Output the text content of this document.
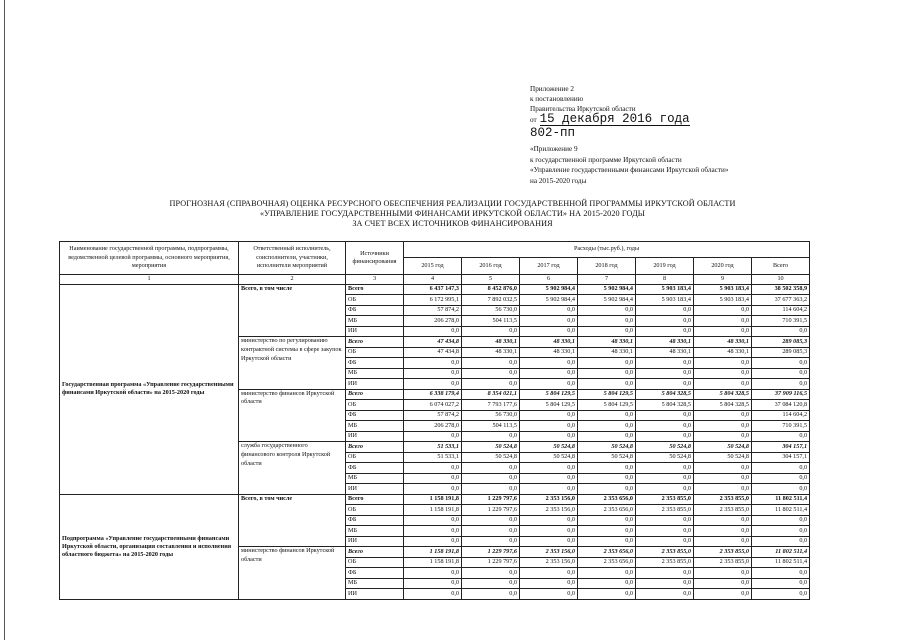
Приложение 2
к постановлению
Правительства Иркутской области
от 15 декабря 2016 года
802-пп
«Приложение 9
к государственной программе Иркутской области
«Управление государственными финансами Иркутской области»
на 2015-2020 годы
ПРОГНОЗНАЯ (СПРАВОЧНАЯ) ОЦЕНКА РЕСУРСНОГО ОБЕСПЕЧЕНИЯ РЕАЛИЗАЦИИ ГОСУДАРСТВЕННОЙ ПРОГРАММЫ ИРКУТСКОЙ ОБЛАСТИ
«УПРАВЛЕНИЕ ГОСУДАРСТВЕННЫМИ ФИНАНСАМИ ИРКУТСКОЙ ОБЛАСТИ» НА 2015-2020 ГОДЫ
ЗА СЧЕТ ВСЕХ ИСТОЧНИКОВ ФИНАНСИРОВАНИЯ
Наименование государственной программы, подпрограммы, ведомственной целевой программы, основного мероприятия, мероприятия	Ответственный исполнитель, соисполнители, участники, исполнители мероприятий	Источники финансирования	Расходы (тыс.руб.), годы						
			2015 год	2016 год	2017 год	2018 год	2019 год	2020 год	Всего
1	2	3	4	5	6	7	8	9	10
Государственная программа «Управление государственными финансами Иркутской области» на 2015-2020 годы	Всего, в том числе	Всего	6 437 147,3	8 452 876,0	5 902 984,4	5 902 984,4	5 903 183,4	5 903 183,4	38 502 358,9
		ОБ	6 172 995,1	7 892 032,5	5 902 984,4	5 902 984,4	5 903 183,4	5 903 183,4	37 677 363,2
		ФБ	57 874,2	56 730,0	0,0	0,0	0,0	0,0	114 604,2
		МБ	206 278,0	504 113,5	0,0	0,0	0,0	0,0	710 391,5
		ИИ	0,0	0,0	0,0	0,0	0,0	0,0	0,0
	министерство по регулированию контрактной системы в сфере закупок Иркутской области	Всего	47 434,8	48 330,1	48 330,1	48 330,1	48 330,1	48 330,1	289 085,3
		ОБ	47 434,8	48 330,1	48 330,1	48 330,1	48 330,1	48 330,1	289 085,3
		ФБ	0,0	0,0	0,0	0,0	0,0	0,0	0,0
		МБ	0,0	0,0	0,0	0,0	0,0	0,0	0,0
		ИИ	0,0	0,0	0,0	0,0	0,0	0,0	0,0
	министерство финансов Иркутской области	Всего	6 338 179,4	8 354 021,1	5 804 129,5	5 804 129,5	5 804 328,5	5 804 328,5	37 909 116,5
		ОБ	6 074 027,2	7 793 177,6	5 804 129,5	5 804 129,5	5 804 328,5	5 804 328,5	37 084 120,8
		ФБ	57 874,2	56 730,0	0,0	0,0	0,0	0,0	114 604,2
		МБ	206 278,0	504 113,5	0,0	0,0	0,0	0,0	710 391,5
		ИИ	0,0	0,0	0,0	0,0	0,0	0,0	0,0
	служба государственного финансового контроля Иркутской области	Всего	51 533,1	50 524,8	50 524,8	50 524,8	50 524,8	50 524,8	304 157,1
		ОБ	51 533,1	50 524,8	50 524,8	50 524,8	50 524,8	50 524,8	304 157,1
		ФБ	0,0	0,0	0,0	0,0	0,0	0,0	0,0
		МБ	0,0	0,0	0,0	0,0	0,0	0,0	0,0
		ИИ	0,0	0,0	0,0	0,0	0,0	0,0	0,0
Подпрограмма «Управление государственными финансами Иркутской области, организация составления и исполнения областного бюджета» на 2015-2020 годы	Всего, в том числе	Всего	1 158 191,8	1 229 797,6	2 353 156,0	2 353 656,0	2 353 855,0	2 353 855,0	11 802 511,4
		ОБ	1 158 191,8	1 229 797,6	2 353 156,0	2 353 656,0	2 353 855,0	2 353 855,0	11 802 511,4
		ФБ	0,0	0,0	0,0	0,0	0,0	0,0	0,0
		МБ	0,0	0,0	0,0	0,0	0,0	0,0	0,0
		ИИ	0,0	0,0	0,0	0,0	0,0	0,0	0,0
	министерство финансов Иркутской области	Всего	1 158 191,8	1 229 797,6	2 353 156,0	2 353 656,0	2 353 855,0	2 353 855,0	11 802 511,4
		ОБ	1 158 191,8	1 229 797,6	2 353 156,0	2 353 656,0	2 353 855,0	2 353 855,0	11 802 511,4
		ФБ	0,0	0,0	0,0	0,0	0,0	0,0	0,0
		МБ	0,0	0,0	0,0	0,0	0,0	0,0	0,0
		ИИ	0,0	0,0	0,0	0,0	0,0	0,0	0,0
